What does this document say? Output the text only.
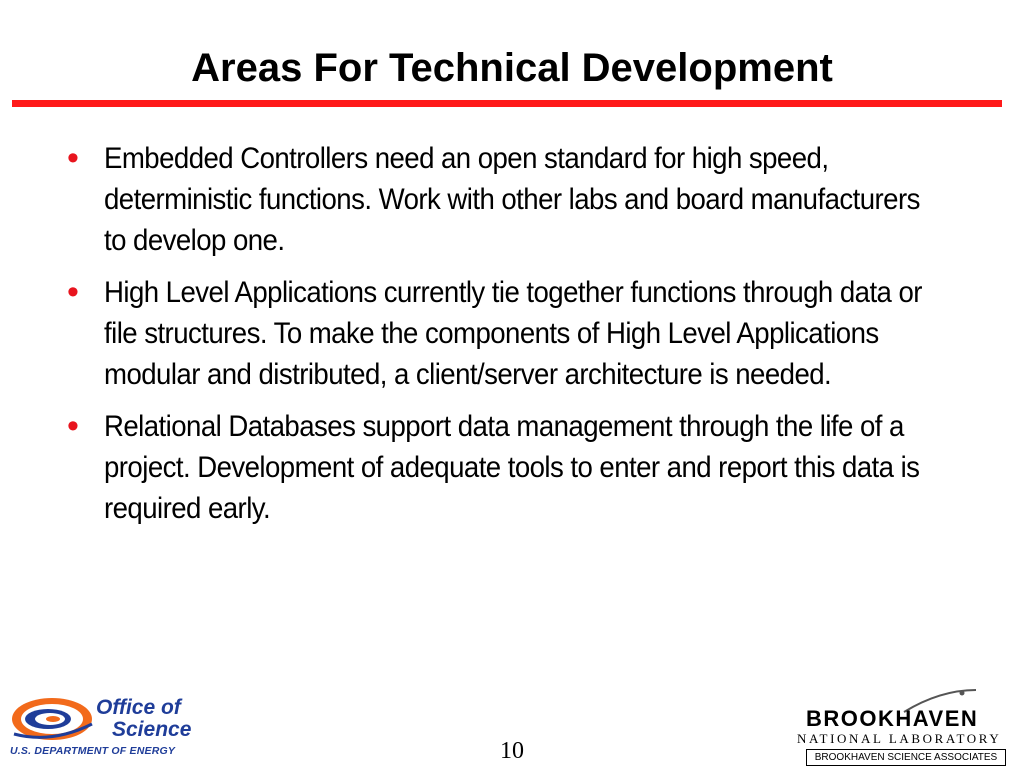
Areas For Technical Development
• Embedded Controllers need an open standard for high speed, deterministic functions. Work with other labs and board manufacturers to develop one.
• High Level Applications currently tie together functions through data or file structures. To make the components of High Level Applications modular and distributed, a client/server architecture is needed.
• Relational Databases support data management through the life of a project. Development of adequate tools to enter and report this data is required early.
Office of
Science
U.S. DEPARTMENT OF ENERGY	10
BROOKHAVEN
NATIONAL LABORATORY
BROOKHAVEN SCIENCE ASSOCIATES
